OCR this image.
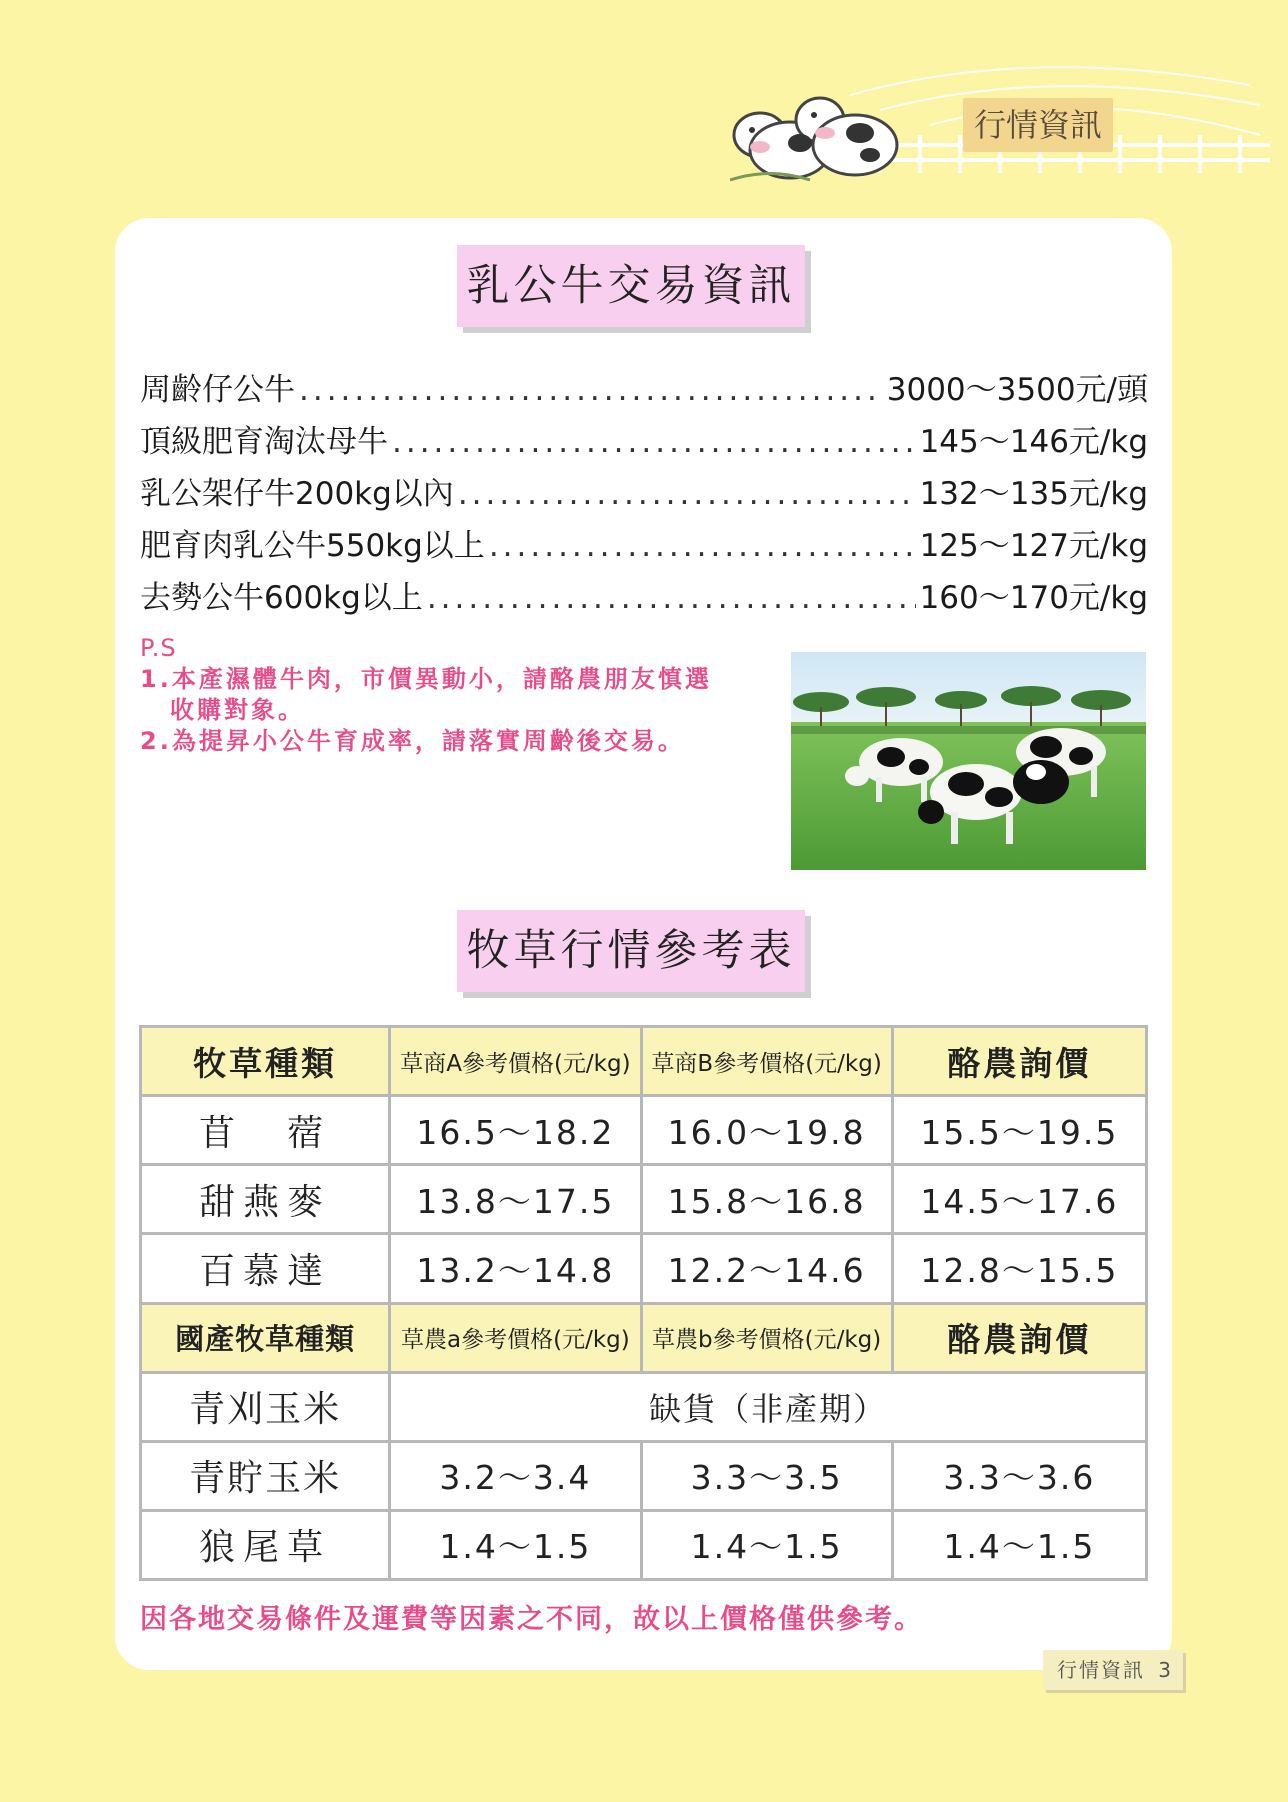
行情資訊
乳公牛交易資訊
周齡仔公牛 .....	3000～3500元/頭
頂級肥育淘汰母牛 .....	145～146元/kg
乳公架仔牛200kg以內 .....	132～135元/kg
肥育肉乳公牛550kg以上 .....	125～127元/kg
去勢公牛600kg以上 .....	160～170元/kg
P.S
1.本產濕體牛肉，市價異動小，請酪農朋友慎選
收購對象。
2.為提昇小公牛育成率，請落實周齡後交易。
牧草行情參考表
牧草種類	草商A參考價格(元/kg)	草商B參考價格(元/kg)	酪農詢價
苜　蓿	16.5～18.2	16.0～19.8	15.5～19.5
甜燕麥	13.8～17.5	15.8～16.8	14.5～17.6
百慕達	13.2～14.8	12.2～14.6	12.8～15.5
國產牧草種類	草農a參考價格(元/kg)	草農b參考價格(元/kg)	酪農詢價
青刈玉米	缺貨（非產期）		
青貯玉米	3.2～3.4	3.3～3.5	3.3～3.6
狼尾草	1.4～1.5	1.4～1.5	1.4～1.5
因各地交易條件及運費等因素之不同，故以上價格僅供參考。
行情資訊 3
